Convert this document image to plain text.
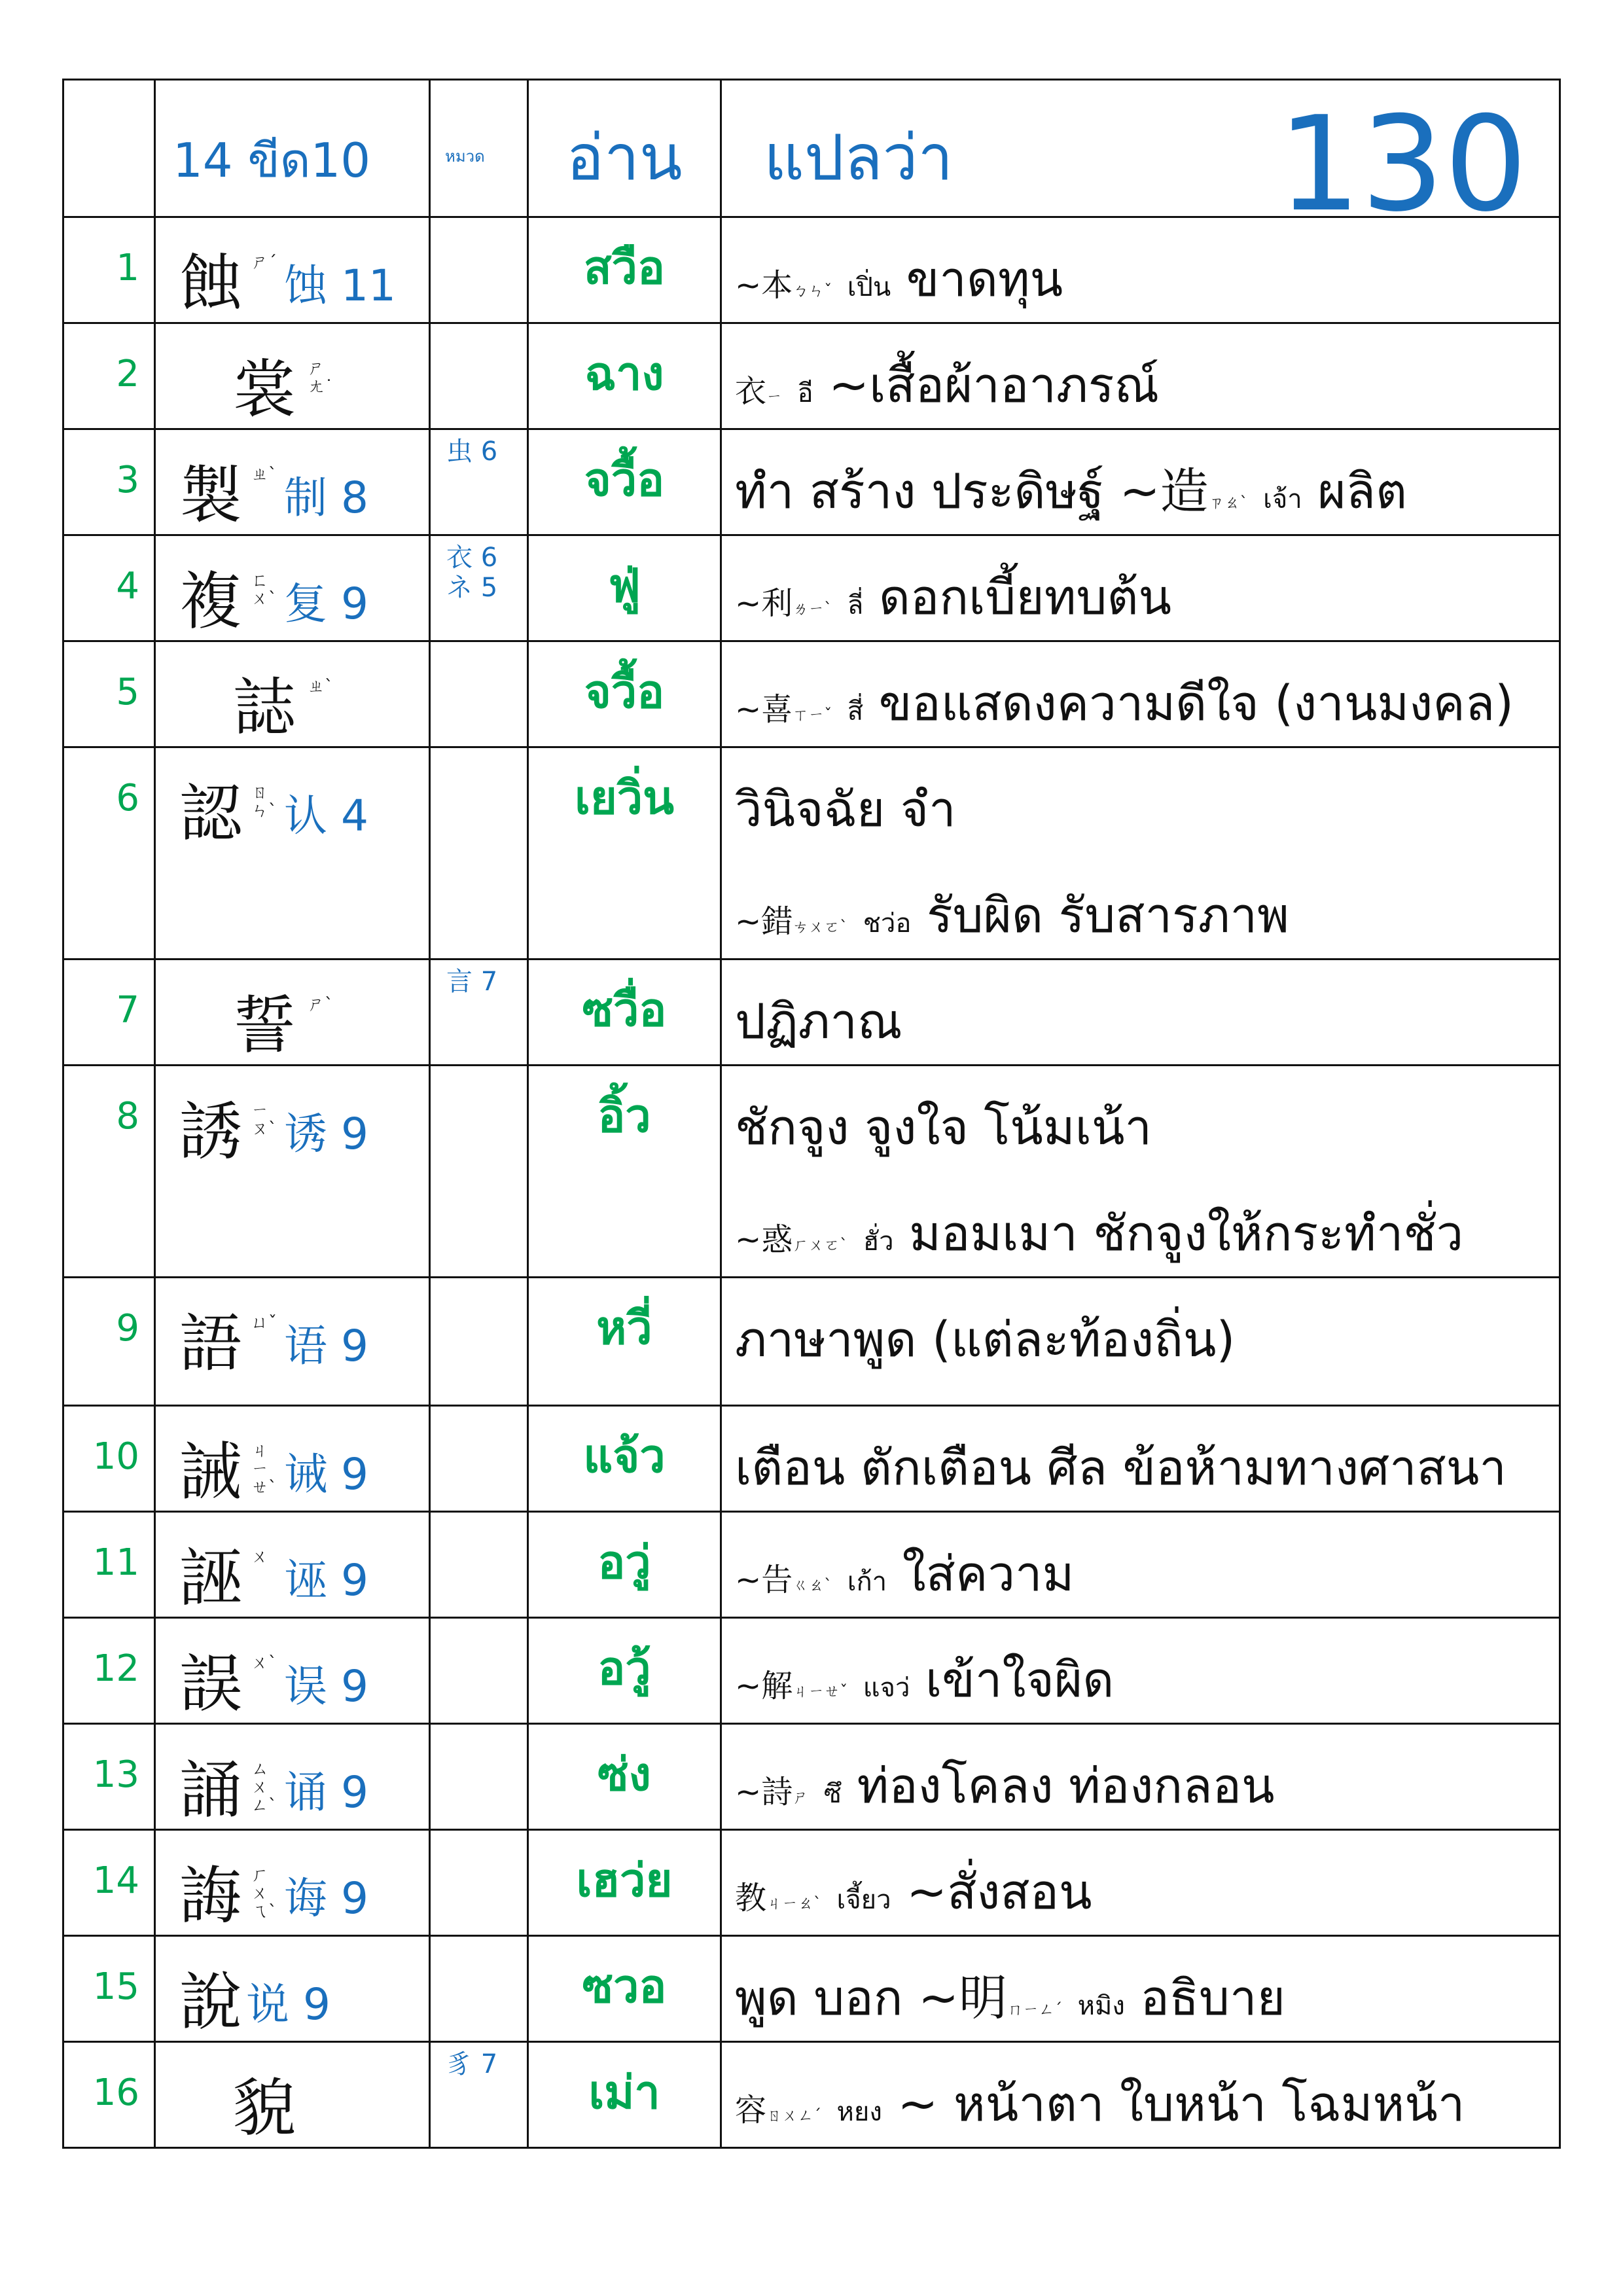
	14 ขีด10	หมวด	อ่าน	แปลว่า 130

1	蝕 ㄕˊ 蚀 11		สวือ	~本ㄅㄣˇ เปิ่น ขาดทุน

2	裳 ㄕ ㄤ˙		ฉาง	衣ㄧ อี ~เสื้อผ้าอาภรณ์

3	製 ㄓˋ 制 8	虫 6	จวื้อ	ทำ สร้าง ประดิษฐ์ ~造ㄗㄠˋ เจ้า ผลิต

4	複 ㄈㄨˋ 复 9	衣 6
ネ 5	ฟู่	~利ㄌㄧˋ ลี่ ดอกเบี้ยทบต้น

5	誌 ㄓˋ		จวื้อ	~喜ㄒㄧˇ สี่ ขอแสดงความดีใจ (งานมงคล)

6	認 ㄖㄣˋ 认 4		เยวิ่น	วินิจฉัย จำ
~錯ㄘㄨㄛˋ ชว่อ รับผิด รับสารภาพ

7	誓 ㄕˋ	言 7	ซวื่อ	ปฏิภาณ

8	誘 ㄧㄡˋ 诱 9		อิ้ว	ชักจูง จูงใจ โน้มเน้า
~惑ㄏㄨㄛˋ ฮั่ว มอมเมา ชักจูงให้กระทำชั่ว

9	語 ㄩˇ 语 9		หวี่	ภาษาพูด (แต่ละท้องถิ่น)

10	誡 ㄐㄧㄝˋ 诫 9		แจ้ว	เตือน ตักเตือน ศีล ข้อห้ามทางศาสนา

11	誣 ㄨ 诬 9		อวู่	~告ㄍㄠˋ เก้า ใส่ความ

12	誤 ㄨˋ 误 9		อวู้	~解ㄐㄧㄝˇ แจว่ เข้าใจผิด

13	誦 ㄙㄨㄥˋ 诵 9		ซ่ง	~詩ㄕ ซึ ท่องโคลง ท่องกลอน

14	誨 ㄏㄨㄟˋ 诲 9		เฮว่ย	教ㄐㄧㄠˋ เจี้ยว ~สั่งสอน

15	說 说 9		ซวอ	พูด บอก ~明ㄇㄧㄥˊ หมิง อธิบาย

16	貌	豸 7	เม่า	容ㄖㄨㄥˊ หยง ~ หน้าตา ใบหน้า โฉมหน้า
